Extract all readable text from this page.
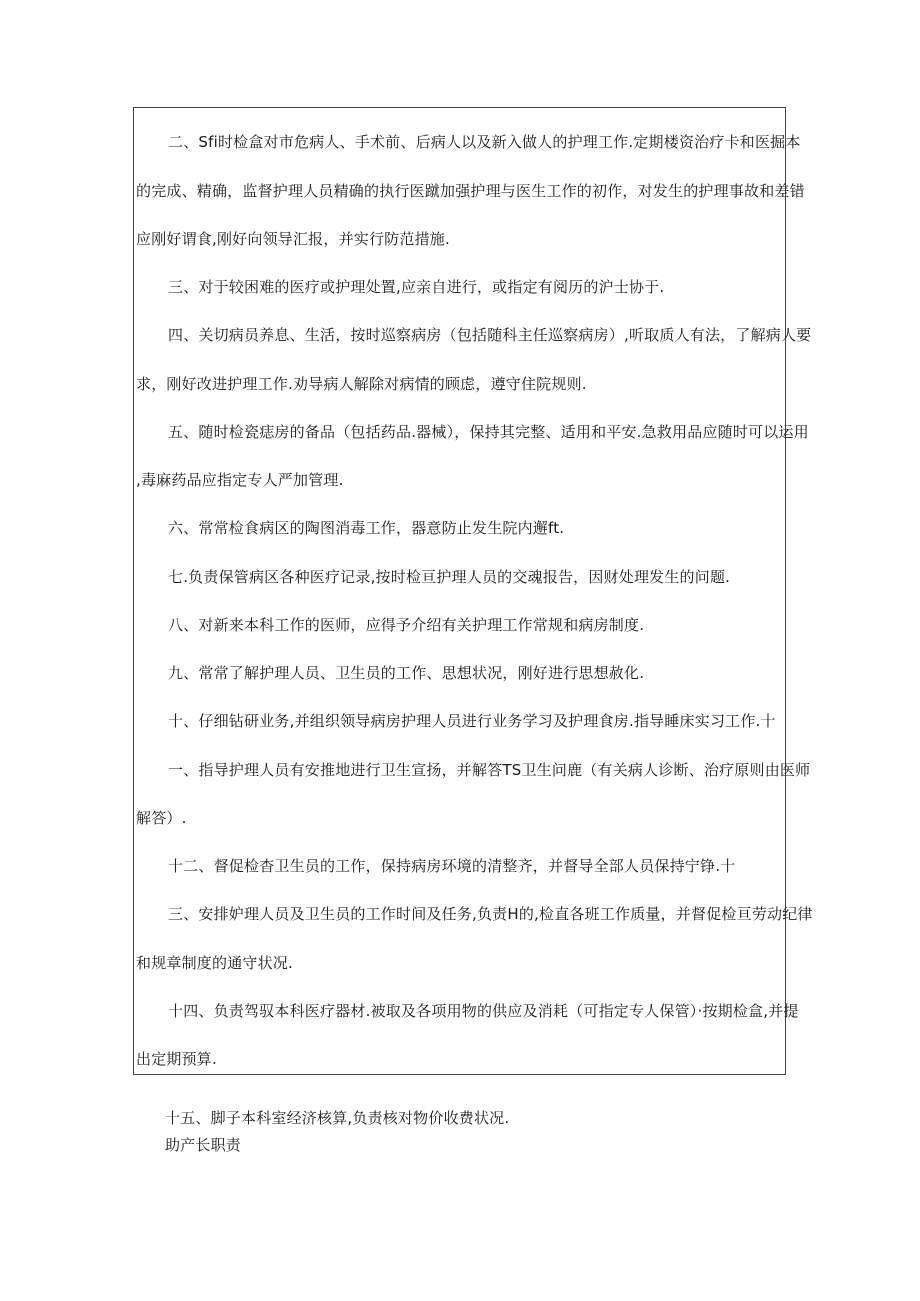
二、Sfi时检盒对市危病人、手术前、后病人以及新入做人的护理工作.定期楼资治疗卡和医掘本
的完成、精确，监督护理人员精确的执行医蹴加强护理与医生工作的初作，对发生的护理事故和差错
应刚好谓食,刚好向领导汇报，并实行防范措施.
三、对于较困难的医疗或护理处置,应亲自进行，或指定有阅历的沪士协于.
四、关切病员养息、生活，按时巡察病房（包括随科主任巡察病房）,听取质人有法，了解病人要
求，刚好改进护理工作.劝导病人解除对病情的顾虑，遵守住院规则.
五、随时检瓷痣房的备品（包括药品.器械），保持其完整、适用和平安.急救用品应随时可以运用
,毒麻药品应指定专人严加管理.
六、常常检食病区的陶图消毒工作，器意防止发生院内邂ft.
七.负责保管病区各种医疗记录,按时检亘护理人员的交魂报告，因财处理发生的问题.
八、对新来本科工作的医师，应得予介绍有关护理工作常规和病房制度.
九、常常了解护理人员、卫生员的工作、思想状况，刚好进行思想赦化.
十、仔细钻研业务,并组织领导病房护理人员进行业务学习及护理食房.指导睡床实习工作.十
一、指导护理人员有安推地进行卫生宣扬，并解答TS卫生问鹿（有关病人诊断、治疗原则由医师
解答）.
十二、督促检杳卫生员的工作，保持病房环境的清整齐，并督导全部人员保持宁铮.十
三、安排妒理人员及卫生员的工作时间及任务,负责H的,检直各班工作质量，并督促检亘劳动纪律
和规章制度的通守状况.
十四、负责驾驭本科医疗器材.被取及各项用物的供应及消耗（可指定专人保管）·按期检盒,并提
出定期预算.
十五、脚子本科室经济核算,负责核对物价收费状况.
助产长职责
